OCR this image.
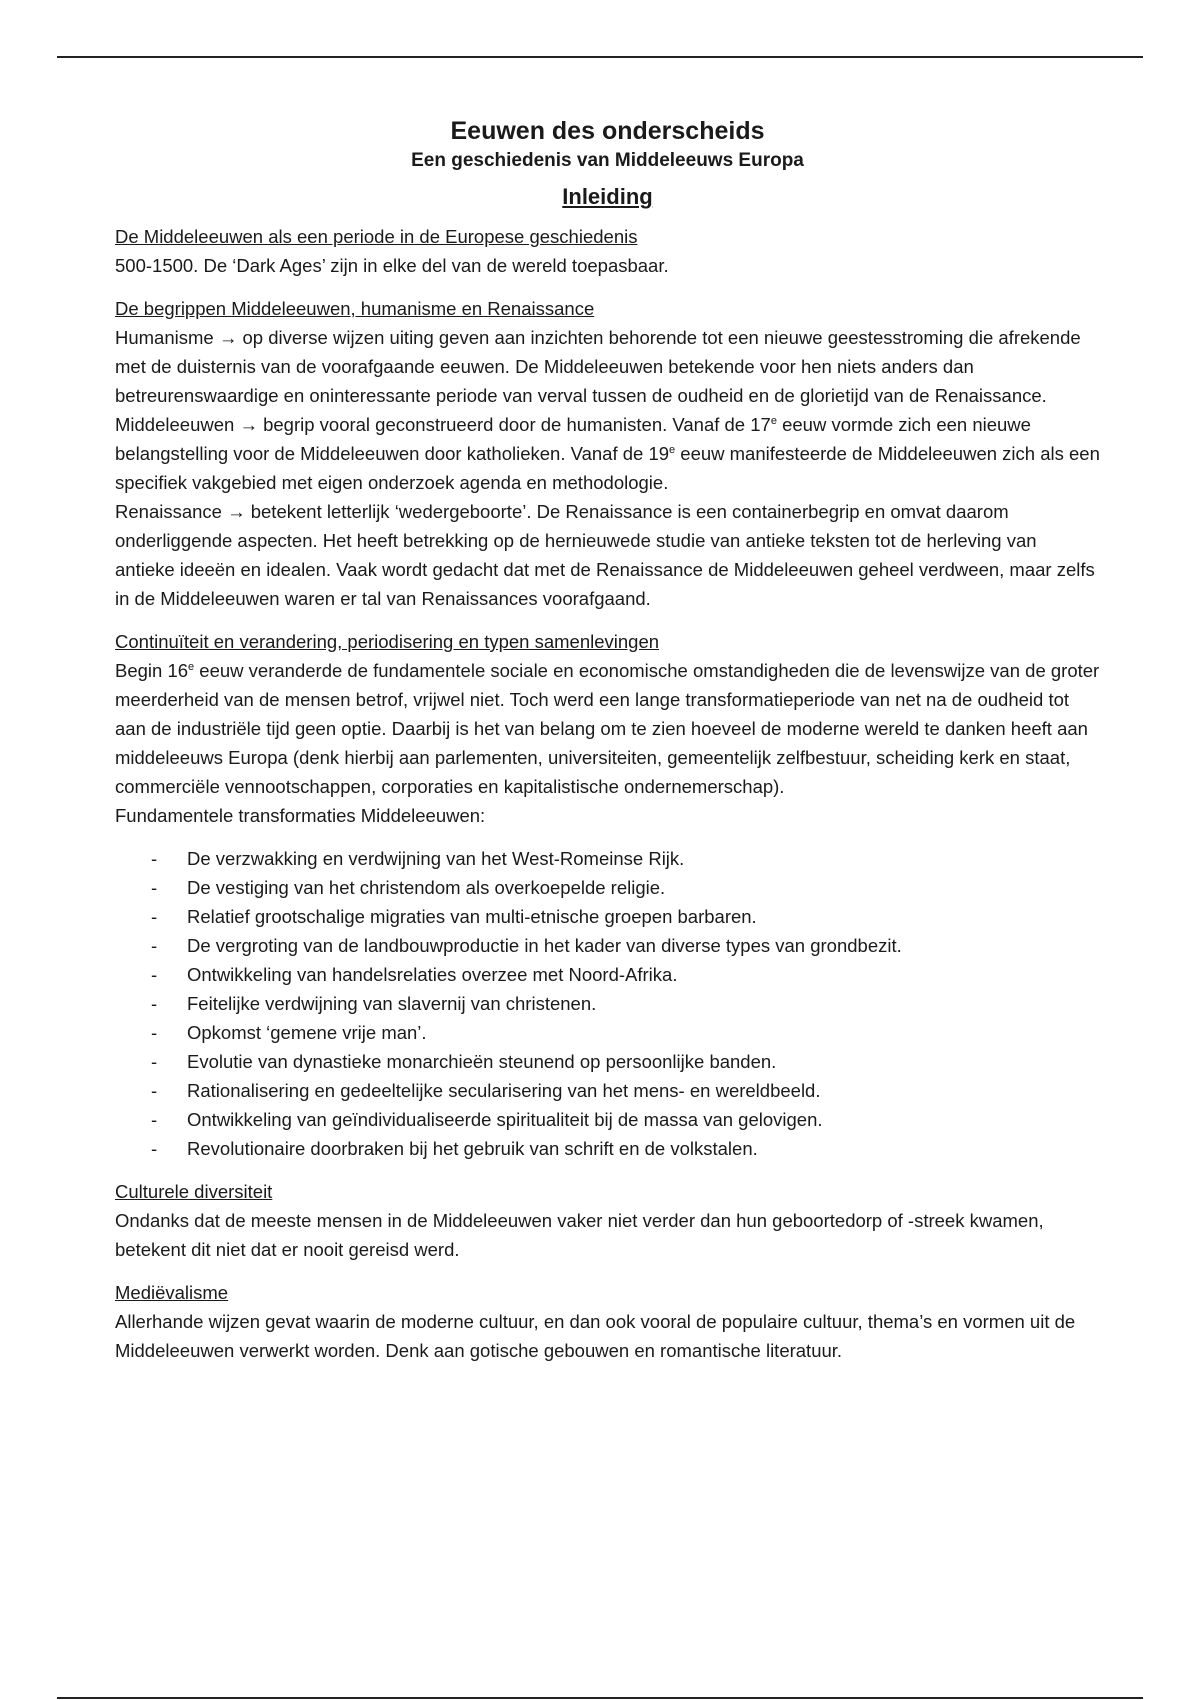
Eeuwen des onderscheids
Een geschiedenis van Middeleeuws Europa
Inleiding

De Middeleeuwen als een periode in de Europese geschiedenis

500-1500. De ‘Dark Ages’ zijn in elke del van de wereld toepasbaar.

De begrippen Middeleeuwen, humanisme en Renaissance

Humanisme → op diverse wijzen uiting geven aan inzichten behorende tot een nieuwe geestesstroming die afrekende met de duisternis van de voorafgaande eeuwen. De Middeleeuwen betekende voor hen niets anders dan betreurenswaardige en oninteressante periode van verval tussen de oudheid en de glorietijd van de Renaissance.

Middeleeuwen → begrip vooral geconstrueerd door de humanisten. Vanaf de 17e eeuw vormde zich een nieuwe belangstelling voor de Middeleeuwen door katholieken. Vanaf de 19e eeuw manifesteerde de Middeleeuwen zich als een specifiek vakgebied met eigen onderzoek agenda en methodologie.

Renaissance → betekent letterlijk ‘wedergeboorte’. De Renaissance is een containerbegrip en omvat daarom onderliggende aspecten. Het heeft betrekking op de hernieuwede studie van antieke teksten tot de herleving van antieke ideeën en idealen. Vaak wordt gedacht dat met de Renaissance de Middeleeuwen geheel verdween, maar zelfs in de Middeleeuwen waren er tal van Renaissances voorafgaand.

Continuïteit en verandering, periodisering en typen samenlevingen

Begin 16e eeuw veranderde de fundamentele sociale en economische omstandigheden die de levenswijze van de groter meerderheid van de mensen betrof, vrijwel niet. Toch werd een lange transformatieperiode van net na de oudheid tot aan de industriële tijd geen optie. Daarbij is het van belang om te zien hoeveel de moderne wereld te danken heeft aan middeleeuws Europa (denk hierbij aan parlementen, universiteiten, gemeentelijk zelfbestuur, scheiding kerk en staat, commerciële vennootschappen, corporaties en kapitalistische ondernemerschap).

Fundamentele transformaties Middeleeuwen:

- De verzwakking en verdwijning van het West-Romeinse Rijk.
- De vestiging van het christendom als overkoepelde religie.
- Relatief grootschalige migraties van multi-etnische groepen barbaren.
- De vergroting van de landbouwproductie in het kader van diverse types van grondbezit.
- Ontwikkeling van handelsrelaties overzee met Noord-Afrika.
- Feitelijke verdwijning van slavernij van christenen.
- Opkomst ‘gemene vrije man’.
- Evolutie van dynastieke monarchieën steunend op persoonlijke banden.
- Rationalisering en gedeeltelijke secularisering van het mens- en wereldbeeld.
- Ontwikkeling van geïndividualiseerde spiritualiteit bij de massa van gelovigen.
- Revolutionaire doorbraken bij het gebruik van schrift en de volkstalen.

Culturele diversiteit

Ondanks dat de meeste mensen in de Middeleeuwen vaker niet verder dan hun geboortedorp of -streek kwamen, betekent dit niet dat er nooit gereisd werd.

Mediëvalisme

Allerhande wijzen gevat waarin de moderne cultuur, en dan ook vooral de populaire cultuur, thema’s en vormen uit de Middeleeuwen verwerkt worden. Denk aan gotische gebouwen en romantische literatuur.
